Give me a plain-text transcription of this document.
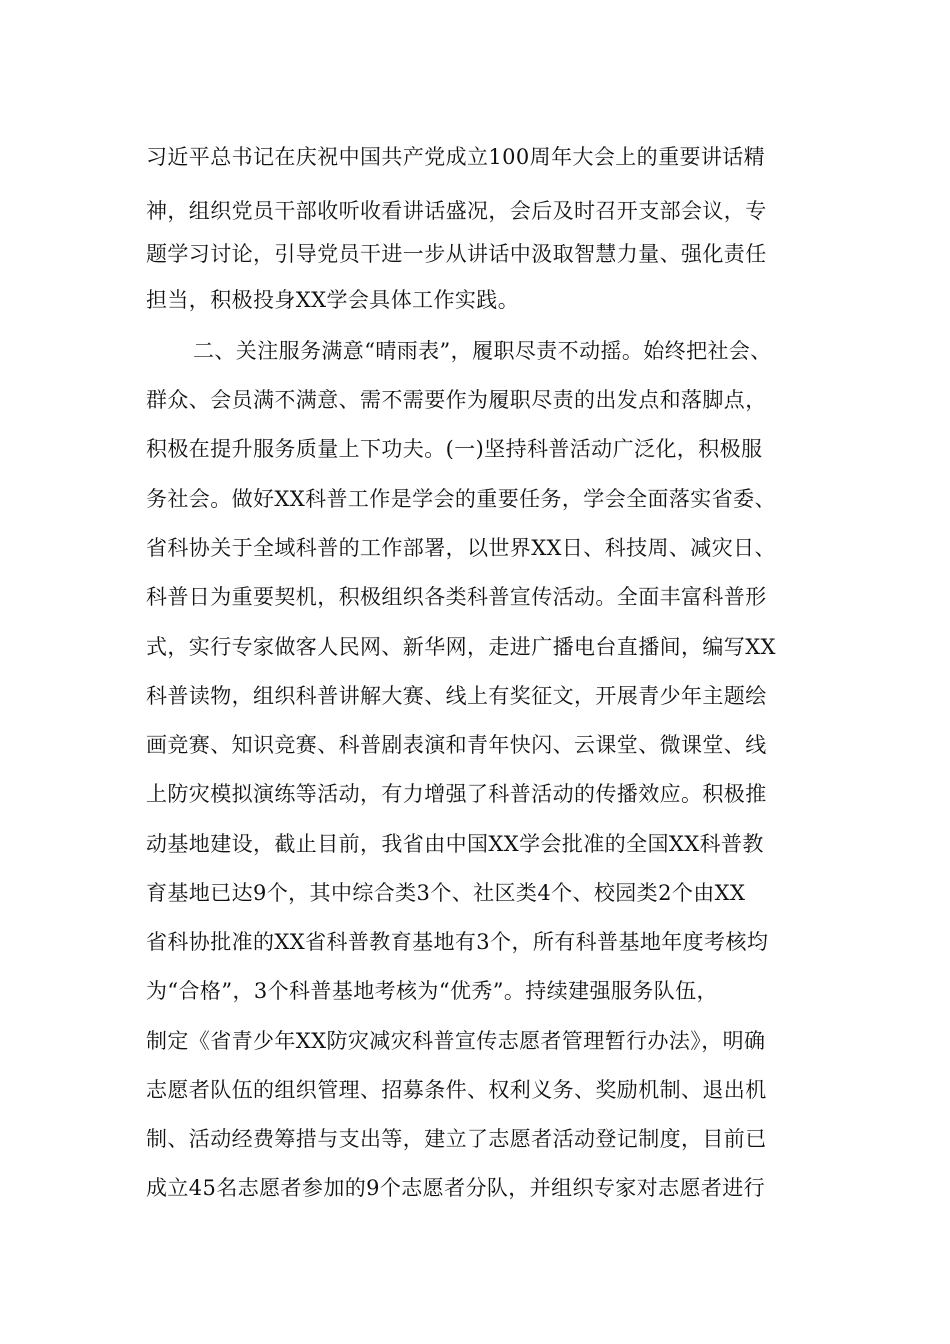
习近平总书记在庆祝中国共产党成立100周年大会上的重要讲话精
神，组织党员干部收听收看讲话盛况，会后及时召开支部会议，专
题学习讨论，引导党员干进一步从讲话中汲取智慧力量、强化责任
担当，积极投身XX学会具体工作实践。
二、关注服务满意“晴雨表”，履职尽责不动摇。始终把社会、
群众、会员满不满意、需不需要作为履职尽责的出发点和落脚点，
积极在提升服务质量上下功夫。(一)坚持科普活动广泛化，积极服
务社会。做好XX科普工作是学会的重要任务，学会全面落实省委、
省科协关于全域科普的工作部署，以世界XX日、科技周、减灾日、
科普日为重要契机，积极组织各类科普宣传活动。全面丰富科普形
式，实行专家做客人民网、新华网，走进广播电台直播间，编写XX
科普读物，组织科普讲解大赛、线上有奖征文，开展青少年主题绘
画竞赛、知识竞赛、科普剧表演和青年快闪、云课堂、微课堂、线
上防灾模拟演练等活动，有力增强了科普活动的传播效应。积极推
动基地建设，截止目前，我省由中国XX学会批准的全国XX科普教
育基地已达9个，其中综合类3个、社区类4个、校园类2个由XX
省科协批准的XX省科普教育基地有3个，所有科普基地年度考核均
为“合格”，3个科普基地考核为“优秀”。持续建强服务队伍，
制定《省青少年XX防灾减灾科普宣传志愿者管理暂行办法》，明确
志愿者队伍的组织管理、招募条件、权利义务、奖励机制、退出机
制、活动经费筹措与支出等，建立了志愿者活动登记制度，目前已
成立45名志愿者参加的9个志愿者分队，并组织专家对志愿者进行
